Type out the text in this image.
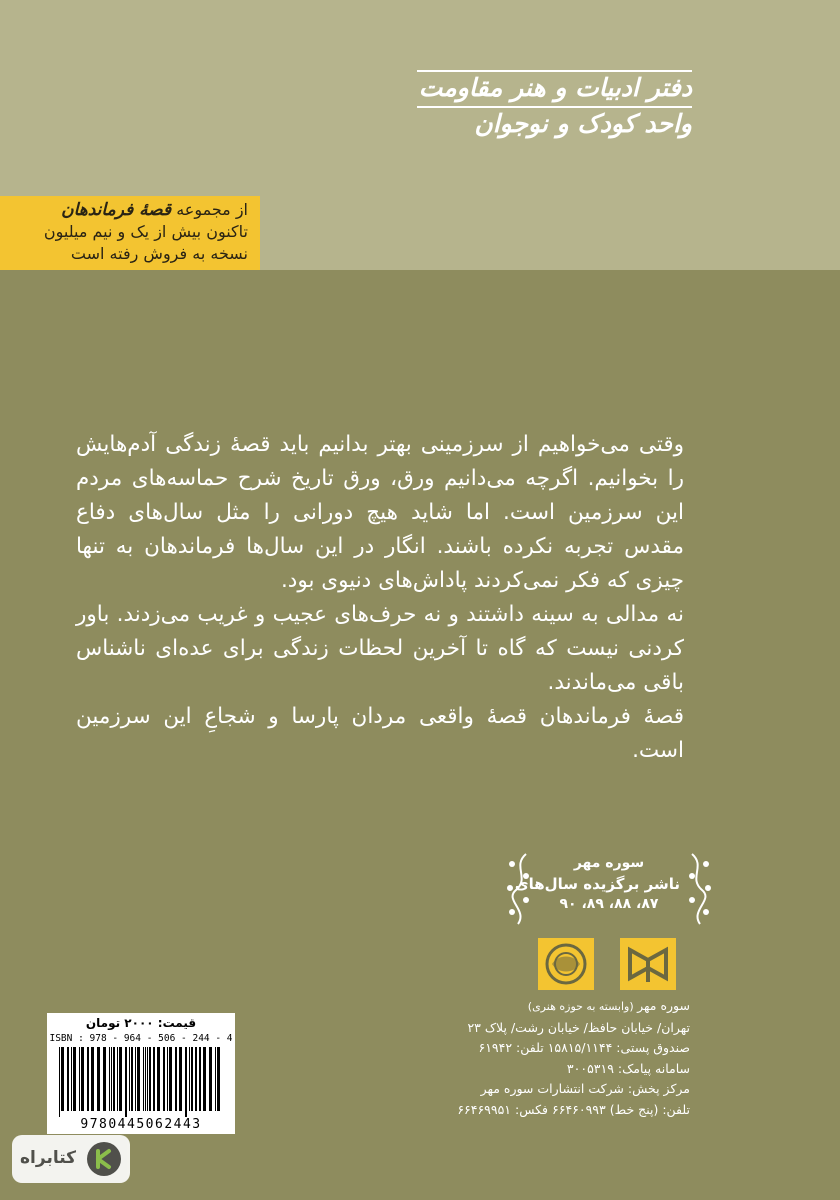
دفتر ادبیات و هنر مقاومت
واحد کودک و نوجوان
از مجموعه قصهٔ فرماندهان
تاکنون بیش از یک و نیم میلیون
نسخه به فروش رفته است

وقتی می‌خواهیم از سرزمینی بهتر بدانیم باید قصهٔ زندگی آدم‌هایش را بخوانیم. اگرچه می‌دانیم ورق، ورق تاریخ شرح حماسه‌های مردم این سرزمین است. اما شاید هیچ دورانی را مثل سال‌های دفاع مقدس تجربه نکرده باشند. انگار در این سال‌ها فرماندهان به تنها چیزی که فکر نمی‌کردند پاداش‌های دنیوی بود.

نه مدالی به سینه داشتند و نه حرف‌های عجیب و غریب می‌زدند. باور کردنی نیست که گاه تا آخرین لحظات زندگی برای عده‌ای ناشناس باقی می‌ماندند.

قصهٔ فرماندهان قصهٔ واقعی مردان پارسا و شجاعِ این سرزمین است.

سوره مهر
ناشر برگزیده سال‌های
۸۷، ۸۸، ۸۹، ۹۰
سوره مهر (وابسته به حوزه هنری)
تهران/ خیابان حافظ/ خیابان رشت/ پلاک ۲۳
صندوق پستی: ۱۵۸۱۵/۱۱۴۴ تلفن: ۶۱۹۴۲
سامانه پیامک: ۳۰۰۵۳۱۹
مرکز پخش: شرکت انتشارات سوره مهر
تلفن: (پنج خط) ۶۶۴۶۰۹۹۳ فکس: ۶۶۴۶۹۹۵۱
قیمت: ۲۰۰۰ تومان
ISBN : 978 - 964 - 506 - 244 - 4
9780445062443
کتابراه
